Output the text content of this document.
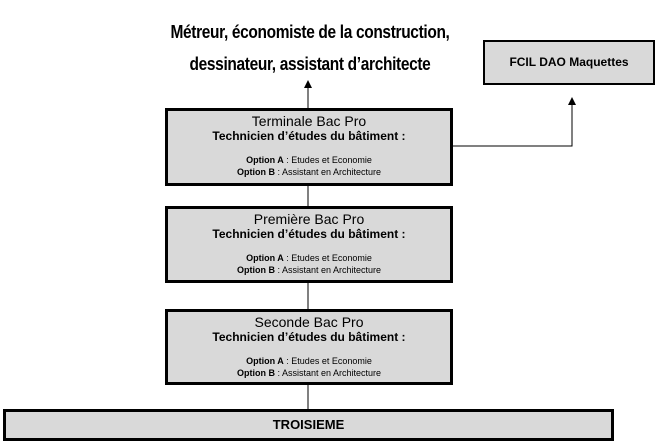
Métreur, économiste de la construction,
dessinateur, assistant d’architecte	FCIL DAO Maquettes
Terminale Bac Pro
Technicien d’études du bâtiment :
Option A : Etudes et Economie
Option B : Assistant en Architecture
Première Bac Pro
Technicien d’études du bâtiment :
Option A : Etudes et Economie
Option B : Assistant en Architecture
Seconde Bac Pro
Technicien d’études du bâtiment :
Option A : Etudes et Economie
Option B : Assistant en Architecture
TROISIEME
